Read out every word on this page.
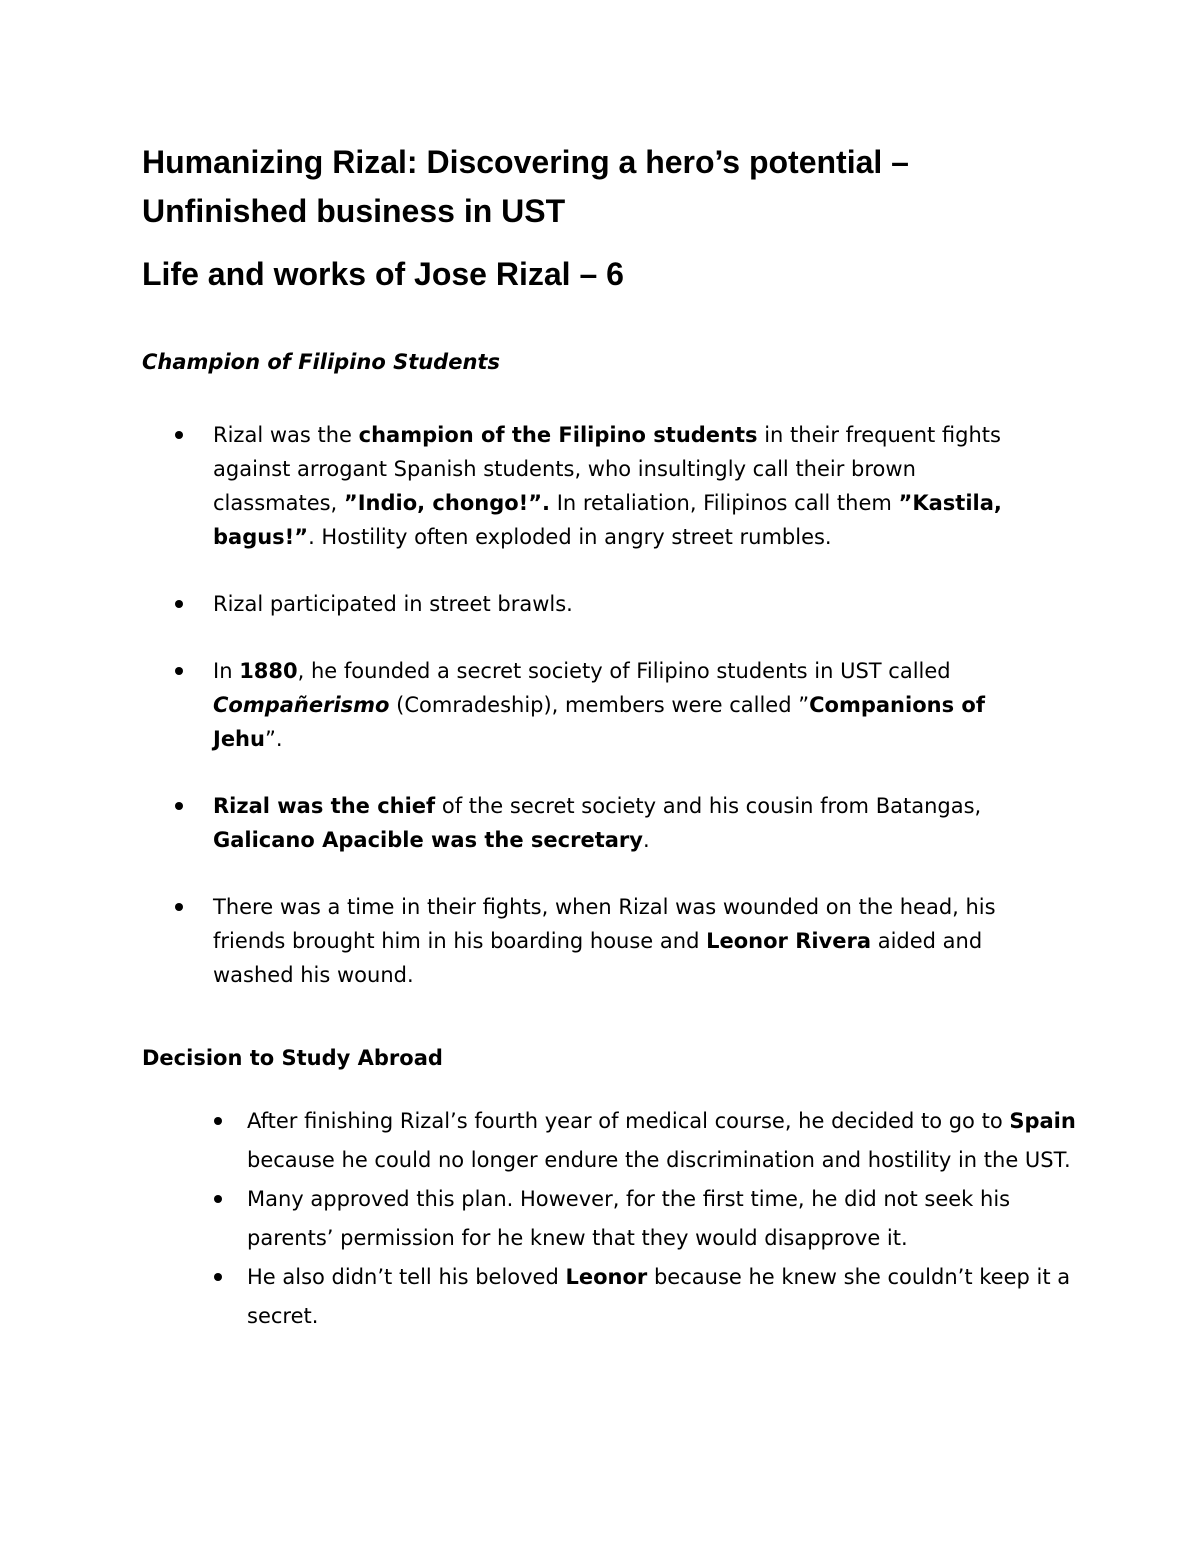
Humanizing Rizal: Discovering a hero’s potential –
Unfinished business in UST
Life and works of Jose Rizal – 6
Champion of Filipino Students
Rizal was the champion of the Filipino students in their frequent fights against arrogant Spanish students, who insultingly call their brown classmates, ”Indio, chongo!”. In retaliation, Filipinos call them ”Kastila, bagus!”. Hostility often exploded in angry street rumbles.
Rizal participated in street brawls.
In 1880, he founded a secret society of Filipino students in UST called Compañerismo (Comradeship), members were called ”Companions of Jehu”.
Rizal was the chief of the secret society and his cousin from Batangas, Galicano Apacible was the secretary.
There was a time in their fights, when Rizal was wounded on the head, his friends brought him in his boarding house and Leonor Rivera aided and washed his wound.
Decision to Study Abroad
After finishing Rizal’s fourth year of medical course, he decided to go to Spain because he could no longer endure the discrimination and hostility in the UST.
Many approved this plan. However, for the first time, he did not seek his parents’ permission for he knew that they would disapprove it.
He also didn’t tell his beloved Leonor because he knew she couldn’t keep it a secret.
